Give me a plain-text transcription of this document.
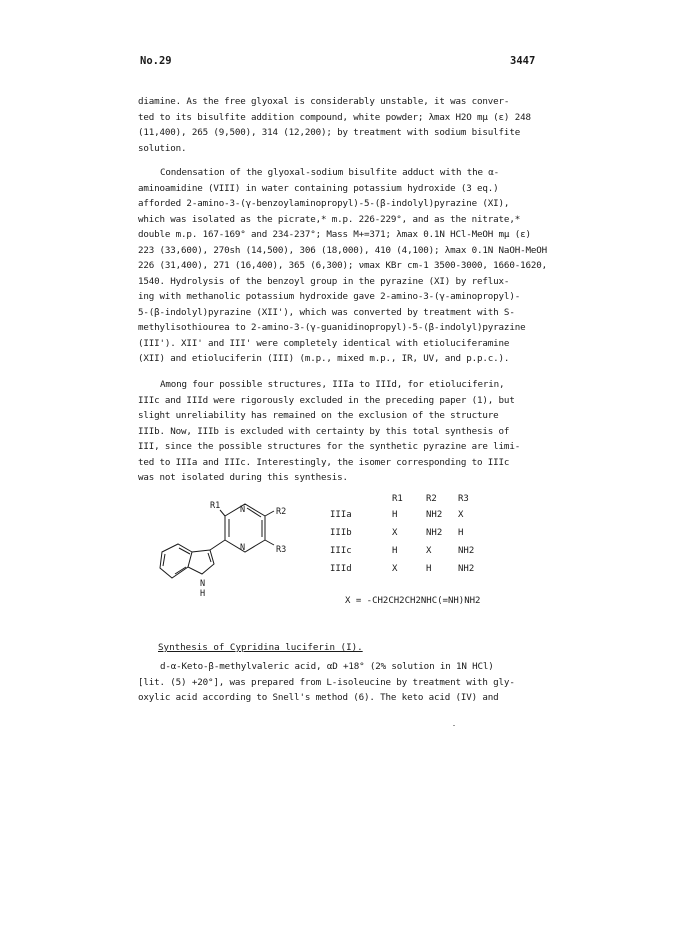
No.29	3447
diamine. As the free glyoxal is considerably unstable, it was conver-
ted to its bisulfite addition compound, white powder; λmax H2O mμ (ε) 248
(11,400), 265 (9,500), 314 (12,200); by treatment with sodium bisulfite
solution.
Condensation of the glyoxal-sodium bisulfite adduct with the α-
aminoamidine (VIII) in water containing potassium hydroxide (3 eq.)
afforded 2-amino-3-(γ-benzoylaminopropyl)-5-(β-indolyl)pyrazine (XI),
which was isolated as the picrate,* m.p. 226-229°, and as the nitrate,*
double m.p. 167-169° and 234-237°; Mass M+=371; λmax 0.1N HCl-MeOH mμ (ε)
223 (33,600), 270sh (14,500), 306 (18,000), 410 (4,100); λmax 0.1N NaOH-MeOH
226 (31,400), 271 (16,400), 365 (6,300); νmax KBr cm-1 3500-3000, 1660-1620,
1540. Hydrolysis of the benzoyl group in the pyrazine (XI) by reflux-
ing with methanolic potassium hydroxide gave 2-amino-3-(γ-aminopropyl)-
5-(β-indolyl)pyrazine (XII'), which was converted by treatment with S-
methylisothiourea to 2-amino-3-(γ-guanidinopropyl)-5-(β-indolyl)pyrazine
(III'). XII' and III' were completely identical with etioluciferamine
(XII) and etioluciferin (III) (m.p., mixed m.p., IR, UV, and p.p.c.).
Among four possible structures, IIIa to IIId, for etioluciferin,
IIIc and IIId were rigorously excluded in the preceding paper (1), but
slight unreliability has remained on the exclusion of the structure
IIIb. Now, IIIb is excluded with certainty by this total synthesis of
III, since the possible structures for the synthetic pyrazine are limi-
ted to IIIa and IIIc. Interestingly, the isomer corresponding to IIIc
was not isolated during this synthesis.
R1 N	R2
N	R3
N
H
R1	R2 R3
IIIa	H	NH2 X
IIIb	X	NH2 H
IIIc	H	X	NH2
IIId	X	H	NH2
X = -CH2CH2CH2NHC(=NH)NH2
Synthesis of Cypridina luciferin (I).
d-α-Keto-β-methylvaleric acid, αD +18° (2% solution in 1N HCl)
[lit. (5) +20°], was prepared from L-isoleucine by treatment with gly-
oxylic acid according to Snell's method (6). The keto acid (IV) and
